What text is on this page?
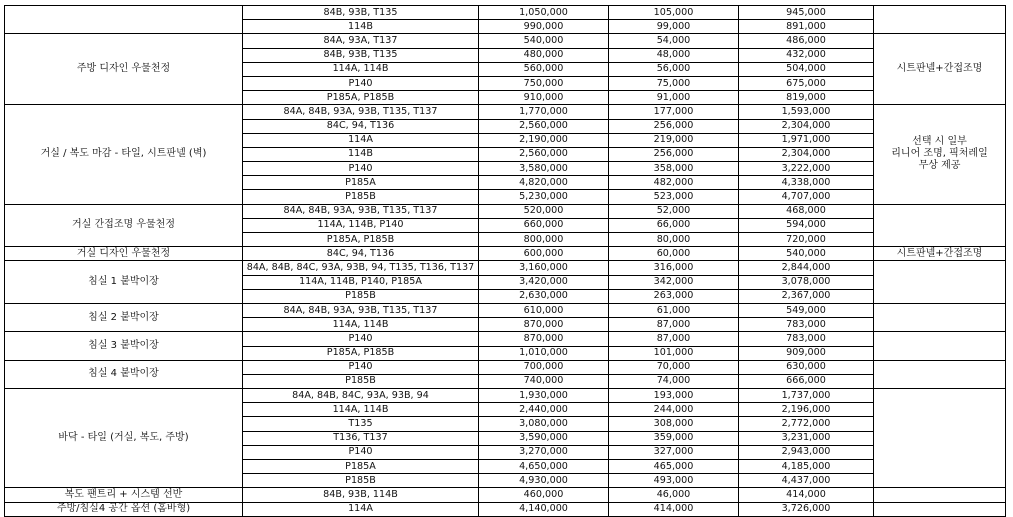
	84B, 93B, T135	1,050,000	105,000	945,000	
	114B	990,000	99,000	891,000	
주방 디자인 우물천정	84A, 93A, T137	540,000	54,000	486,000	시트판넬+간접조명
	84B, 93B, T135	480,000	48,000	432,000	
	114A, 114B	560,000	56,000	504,000	
	P140	750,000	75,000	675,000	
	P185A, P185B	910,000	91,000	819,000	
거실 / 복도 마감 - 타일, 시트판넬 (벽)	84A, 84B, 93A, 93B, T135, T137	1,770,000	177,000	1,593,000	선택 시 일부
리니어 조명, 픽처레일
무상 제공
	84C, 94, T136	2,560,000	256,000	2,304,000	
	114A	2,190,000	219,000	1,971,000	
	114B	2,560,000	256,000	2,304,000	
	P140	3,580,000	358,000	3,222,000	
	P185A	4,820,000	482,000	4,338,000	
	P185B	5,230,000	523,000	4,707,000	
거실 간접조명 우물천정	84A, 84B, 93A, 93B, T135, T137	520,000	52,000	468,000	
	114A, 114B, P140	660,000	66,000	594,000	
	P185A, P185B	800,000	80,000	720,000	
거실 디자인 우물천정	84C, 94, T136	600,000	60,000	540,000	시트판넬+간접조명
침실 1 붙박이장	84A, 84B, 84C, 93A, 93B, 94, T135, T136, T137	3,160,000	316,000	2,844,000	
	114A, 114B, P140, P185A	3,420,000	342,000	3,078,000	
	P185B	2,630,000	263,000	2,367,000	
침실 2 붙박이장	84A, 84B, 93A, 93B, T135, T137	610,000	61,000	549,000	
	114A, 114B	870,000	87,000	783,000	
침실 3 붙박이장	P140	870,000	87,000	783,000	
	P185A, P185B	1,010,000	101,000	909,000	
침실 4 붙박이장	P140	700,000	70,000	630,000	
	P185B	740,000	74,000	666,000	
바닥 - 타일 (거실, 복도, 주방)	84A, 84B, 84C, 93A, 93B, 94	1,930,000	193,000	1,737,000	
	114A, 114B	2,440,000	244,000	2,196,000	
	T135	3,080,000	308,000	2,772,000	
	T136, T137	3,590,000	359,000	3,231,000	
	P140	3,270,000	327,000	2,943,000	
	P185A	4,650,000	465,000	4,185,000	
	P185B	4,930,000	493,000	4,437,000	
복도 팬트리 + 시스템 선반	84B, 93B, 114B	460,000	46,000	414,000	
주방/침실4 공간 옵션 (홈바형)	114A	4,140,000	414,000	3,726,000	
